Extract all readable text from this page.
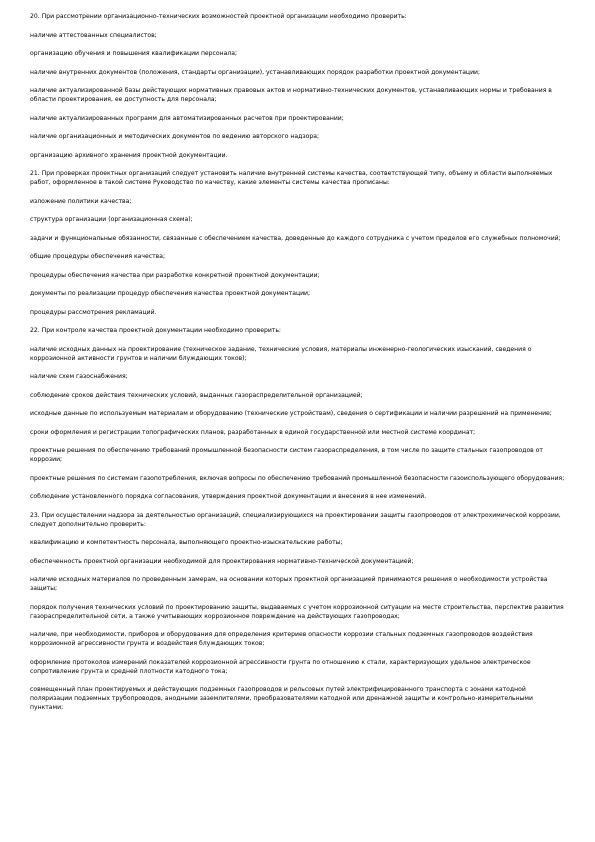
20. При рассмотрении организационно-технических возможностей проектной организации необходимо проверить:

наличие аттестованных специалистов;

организацию обучения и повышения квалификации персонала;

наличие внутренних документов (положения, стандарты организации), устанавливающих порядок разработки проектной документации;

наличие актуализированной базы действующих нормативных правовых актов и нормативно-технических документов, устанавливающих нормы и требования в области проектирования, ее доступность для персонала;

наличие актуализированных программ для автоматизированных расчетов при проектировании;

наличие организационных и методических документов по ведению авторского надзора;

организацию архивного хранения проектной документации.

21. При проверках проектных организаций следует установить наличие внутренней системы качества, соответствующей типу, объему и области выполняемых работ, оформленное в такой системе Руководство по качеству, какие элементы системы качества прописаны:

изложение политики качества;

структура организации (организационная схема);

задачи и функциональные обязанности, связанные с обеспечением качества, доведенные до каждого сотрудника с учетом пределов его служебных полномочий;

общие процедуры обеспечения качества;

процедуры обеспечения качества при разработке конкретной проектной документации;

документы по реализации процедур обеспечения качества проектной документации;

процедуры рассмотрения рекламаций.

22. При контроле качества проектной документации необходимо проверить:

наличие исходных данных на проектирование (техническое задание, технические условия, материалы инженерно-геологических изысканий, сведения о коррозионной активности грунтов и наличии блуждающих токов);

наличие схем газоснабжения;

соблюдение сроков действия технических условий, выданных газораспределительной организацией;

исходные данные по используемым материалам и оборудованию (технические устройствам), сведения о сертификации и наличии разрешений на применение;

сроки оформления и регистрации топографических планов, разработанных в единой государственной или местной системе координат;

проектные решения по обеспечению требований промышленной безопасности систем газораспределения, в том числе по защите стальных газопроводов от коррозии;

проектные решения по системам газопотребления, включая вопросы по обеспечению требований промышленной безопасности газоиспользующего оборудования;

соблюдение установленного порядка согласования, утверждения проектной документации и внесения в нее изменений.

23. При осуществлении надзора за деятельностью организаций, специализирующихся на проектировании защиты газопроводов от электрохимической коррозии, следует дополнительно проверить:

квалификацию и компетентность персонала, выполняющего проектно-изыскательские работы;

обеспеченность проектной организации необходимой для проектирования нормативно-технической документацией;

наличие исходных материалов по проведенным замерам, на основании которых проектной организацией принимаются решения о необходимости устройства защиты;

порядок получения технических условий по проектированию защиты, выдаваемых с учетом коррозионной ситуации на месте строительства, перспектив развития газораспределительной сети, а также учитывающих коррозионное повреждение на действующих газопроводах;

наличие, при необходимости, приборов и оборудования для определения критериев опасности коррозии стальных подземных газопроводов воздействия коррозионной агрессивности грунта и воздействия блуждающих токов;

оформление протоколов измерений показателей коррозионной агрессивности грунта по отношению к стали, характеризующих удельное электрическое сопротивление грунта и средней плотности катодного тока;

совмещенный план проектируемых и действующих подземных газопроводов и рельсовых путей электрифицированного транспорта с зонами катодной поляризации подземных трубопроводов, анодными заземлителями, преобразователями катодной или дренажной защиты и контрольно-измерительными пунктами;
